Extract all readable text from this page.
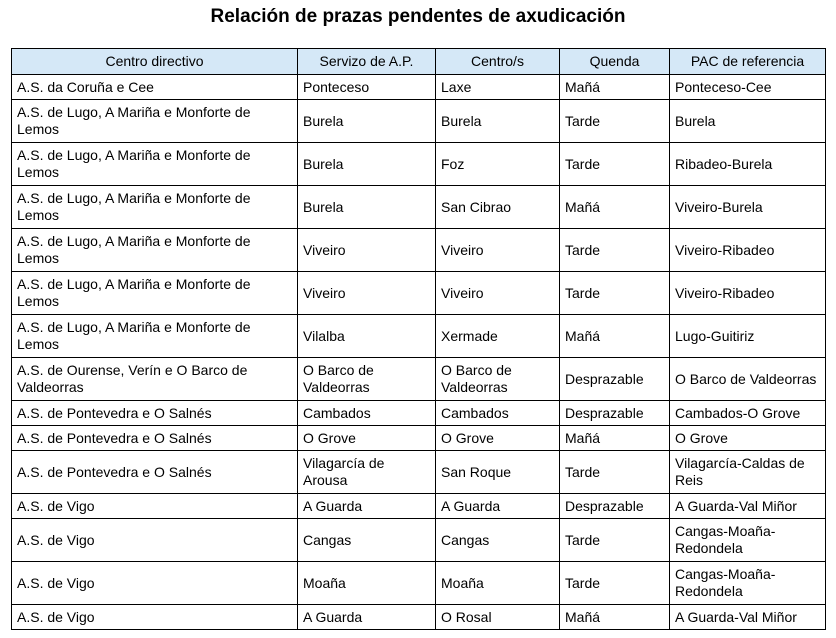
Relación de prazas pendentes de axudicación
Centro directivo	Servizo de A.P.	Centro/s	Quenda	PAC de referencia
A.S. da Coruña e Cee	Ponteceso	Laxe	Mañá	Ponteceso-Cee
A.S. de Lugo, A Mariña e Monforte de Lemos	Burela	Burela	Tarde	Burela
A.S. de Lugo, A Mariña e Monforte de Lemos	Burela	Foz	Tarde	Ribadeo-Burela
A.S. de Lugo, A Mariña e Monforte de Lemos	Burela	San Cibrao	Mañá	Viveiro-Burela
A.S. de Lugo, A Mariña e Monforte de Lemos	Viveiro	Viveiro	Tarde	Viveiro-Ribadeo
A.S. de Lugo, A Mariña e Monforte de Lemos	Viveiro	Viveiro	Tarde	Viveiro-Ribadeo
A.S. de Lugo, A Mariña e Monforte de Lemos	Vilalba	Xermade	Mañá	Lugo-Guitiriz
A.S. de Ourense, Verín e O Barco de Valdeorras	O Barco de Valdeorras	O Barco de Valdeorras	Desprazable	O Barco de Valdeorras
A.S. de Pontevedra e O Salnés	Cambados	Cambados	Desprazable	Cambados-O Grove
A.S. de Pontevedra e O Salnés	O Grove	O Grove	Mañá	O Grove
A.S. de Pontevedra e O Salnés	Vilagarcía de Arousa	San Roque	Tarde	Vilagarcía-Caldas de Reis
A.S. de Vigo	A Guarda	A Guarda	Desprazable	A Guarda-Val Miñor
A.S. de Vigo	Cangas	Cangas	Tarde	Cangas-Moaña-Redondela
A.S. de Vigo	Moaña	Moaña	Tarde	Cangas-Moaña-Redondela
A.S. de Vigo	A Guarda	O Rosal	Mañá	A Guarda-Val Miñor
